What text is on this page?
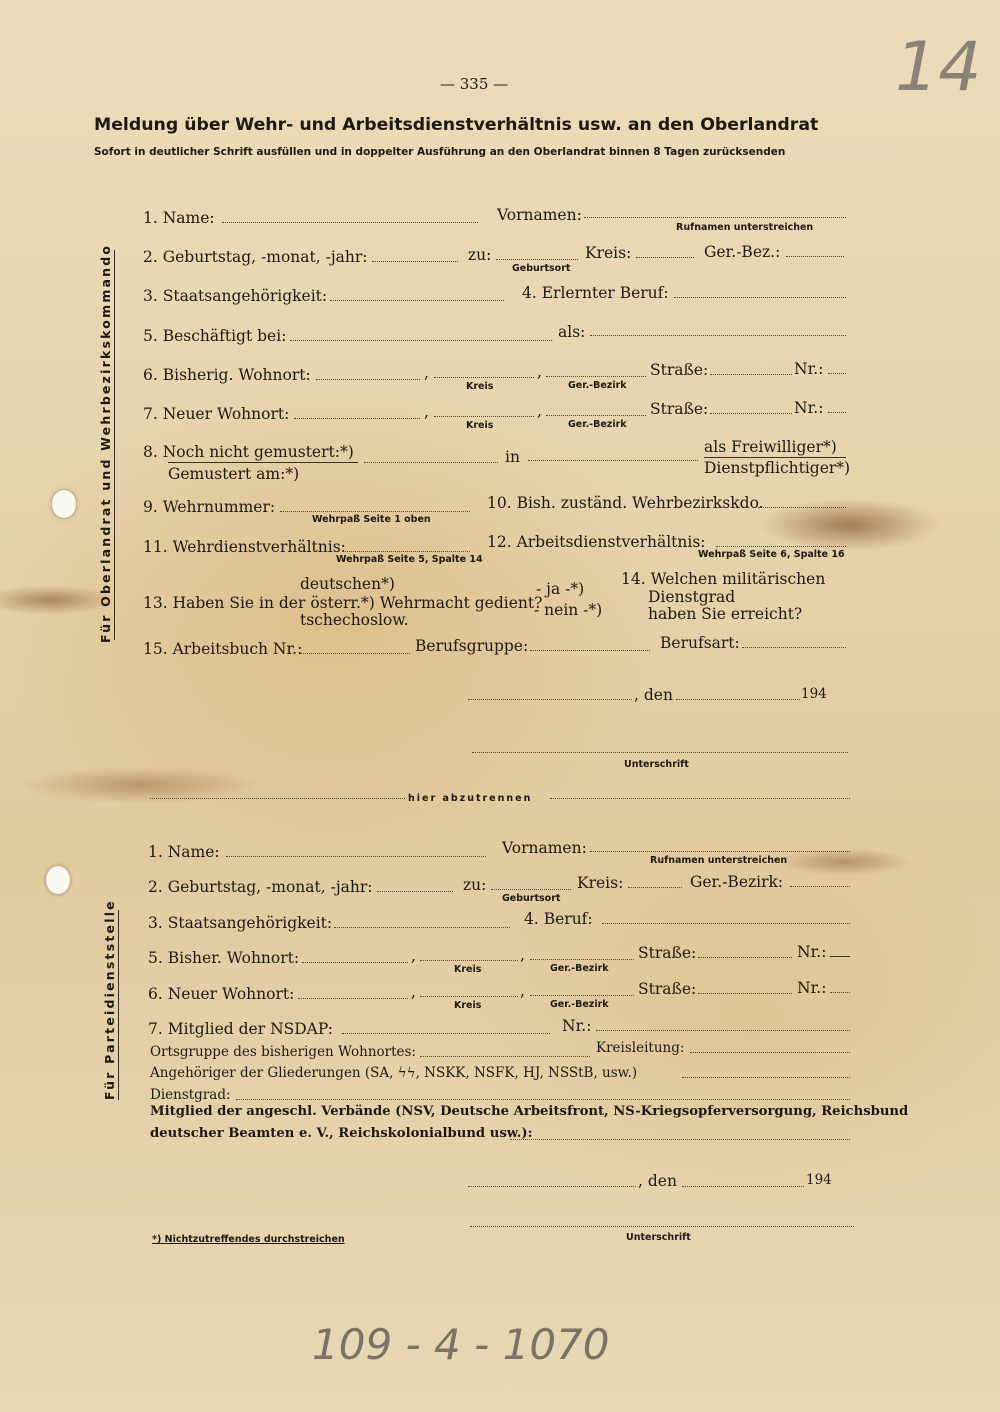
— 335 —	14
Meldung über Wehr- und Arbeitsdienstverhältnis usw. an den Oberlandrat
Sofort in deutlicher Schrift ausfüllen und in doppelter Ausführung an den Oberlandrat binnen 8 Tagen zurücksenden
Für Oberlandrat und Wehrbezirkskommando
Für Parteidienststelle
1. Name:	Vornamen:
Rufnamen unterstreichen
2. Geburtstag, -monat, -jahr:	zu:
Geburtsort
Kreis:	Ger.-Bez.:
3. Staatsangehörigkeit:	4. Erlernter Beruf:
5. Beschäftigt bei:	als:
6. Bisherig. Wohnort:	,
Kreis
,
Ger.-Bezirk
Straße:	Nr.:
7. Neuer Wohnort:	,
Kreis
,
Ger.-Bezirk
Straße:	Nr.:
8. Noch nicht gemustert:*)
Gemustert am:*)
in
als Freiwilliger*)
Dienstpflichtiger*)
9. Wehrnummer:
Wehrpaß Seite 1 oben
10. Bish. zuständ. Wehrbezirkskdo.
11. Wehrdienstverhältnis:
Wehrpaß Seite 5, Spalte 14
12. Arbeitsdienstverhältnis:
Wehrpaß Seite 6, Spalte 16
deutschen*)
13. Haben Sie in der österr.*) Wehrmacht gedient?
tschechoslow.
- ja -*)
- nein -*)
14. Welchen militärischen
Dienstgrad
haben Sie erreicht?
15. Arbeitsbuch Nr.:	Berufsgruppe:	Berufsart:
, den	194
Unterschrift
hier abzutrennen
1. Name:	Vornamen:
Rufnamen unterstreichen
2. Geburtstag, -monat, -jahr:	zu:
Geburtsort
Kreis:	Ger.-Bezirk:
3. Staatsangehörigkeit:	4. Beruf:
5. Bisher. Wohnort:	,
Kreis
,
Ger.-Bezirk
Straße:	Nr.:
6. Neuer Wohnort:	,
Kreis
,
Ger.-Bezirk
Straße:	Nr.:
7. Mitglied der NSDAP:	Nr.:
Ortsgruppe des bisherigen Wohnortes:	Kreisleitung:
Angehöriger der Gliederungen (SA, ϟϟ, NSKK, NSFK, HJ, NSStB, usw.)
Dienstgrad:
Mitglied der angeschl. Verbände (NSV, Deutsche Arbeitsfront, NS-Kriegsopferversorgung, Reichsbund
deutscher Beamten e. V., Reichskolonialbund usw.):
, den	194
Unterschrift
*) Nichtzutreffendes durchstreichen
109 - 4 - 1070
